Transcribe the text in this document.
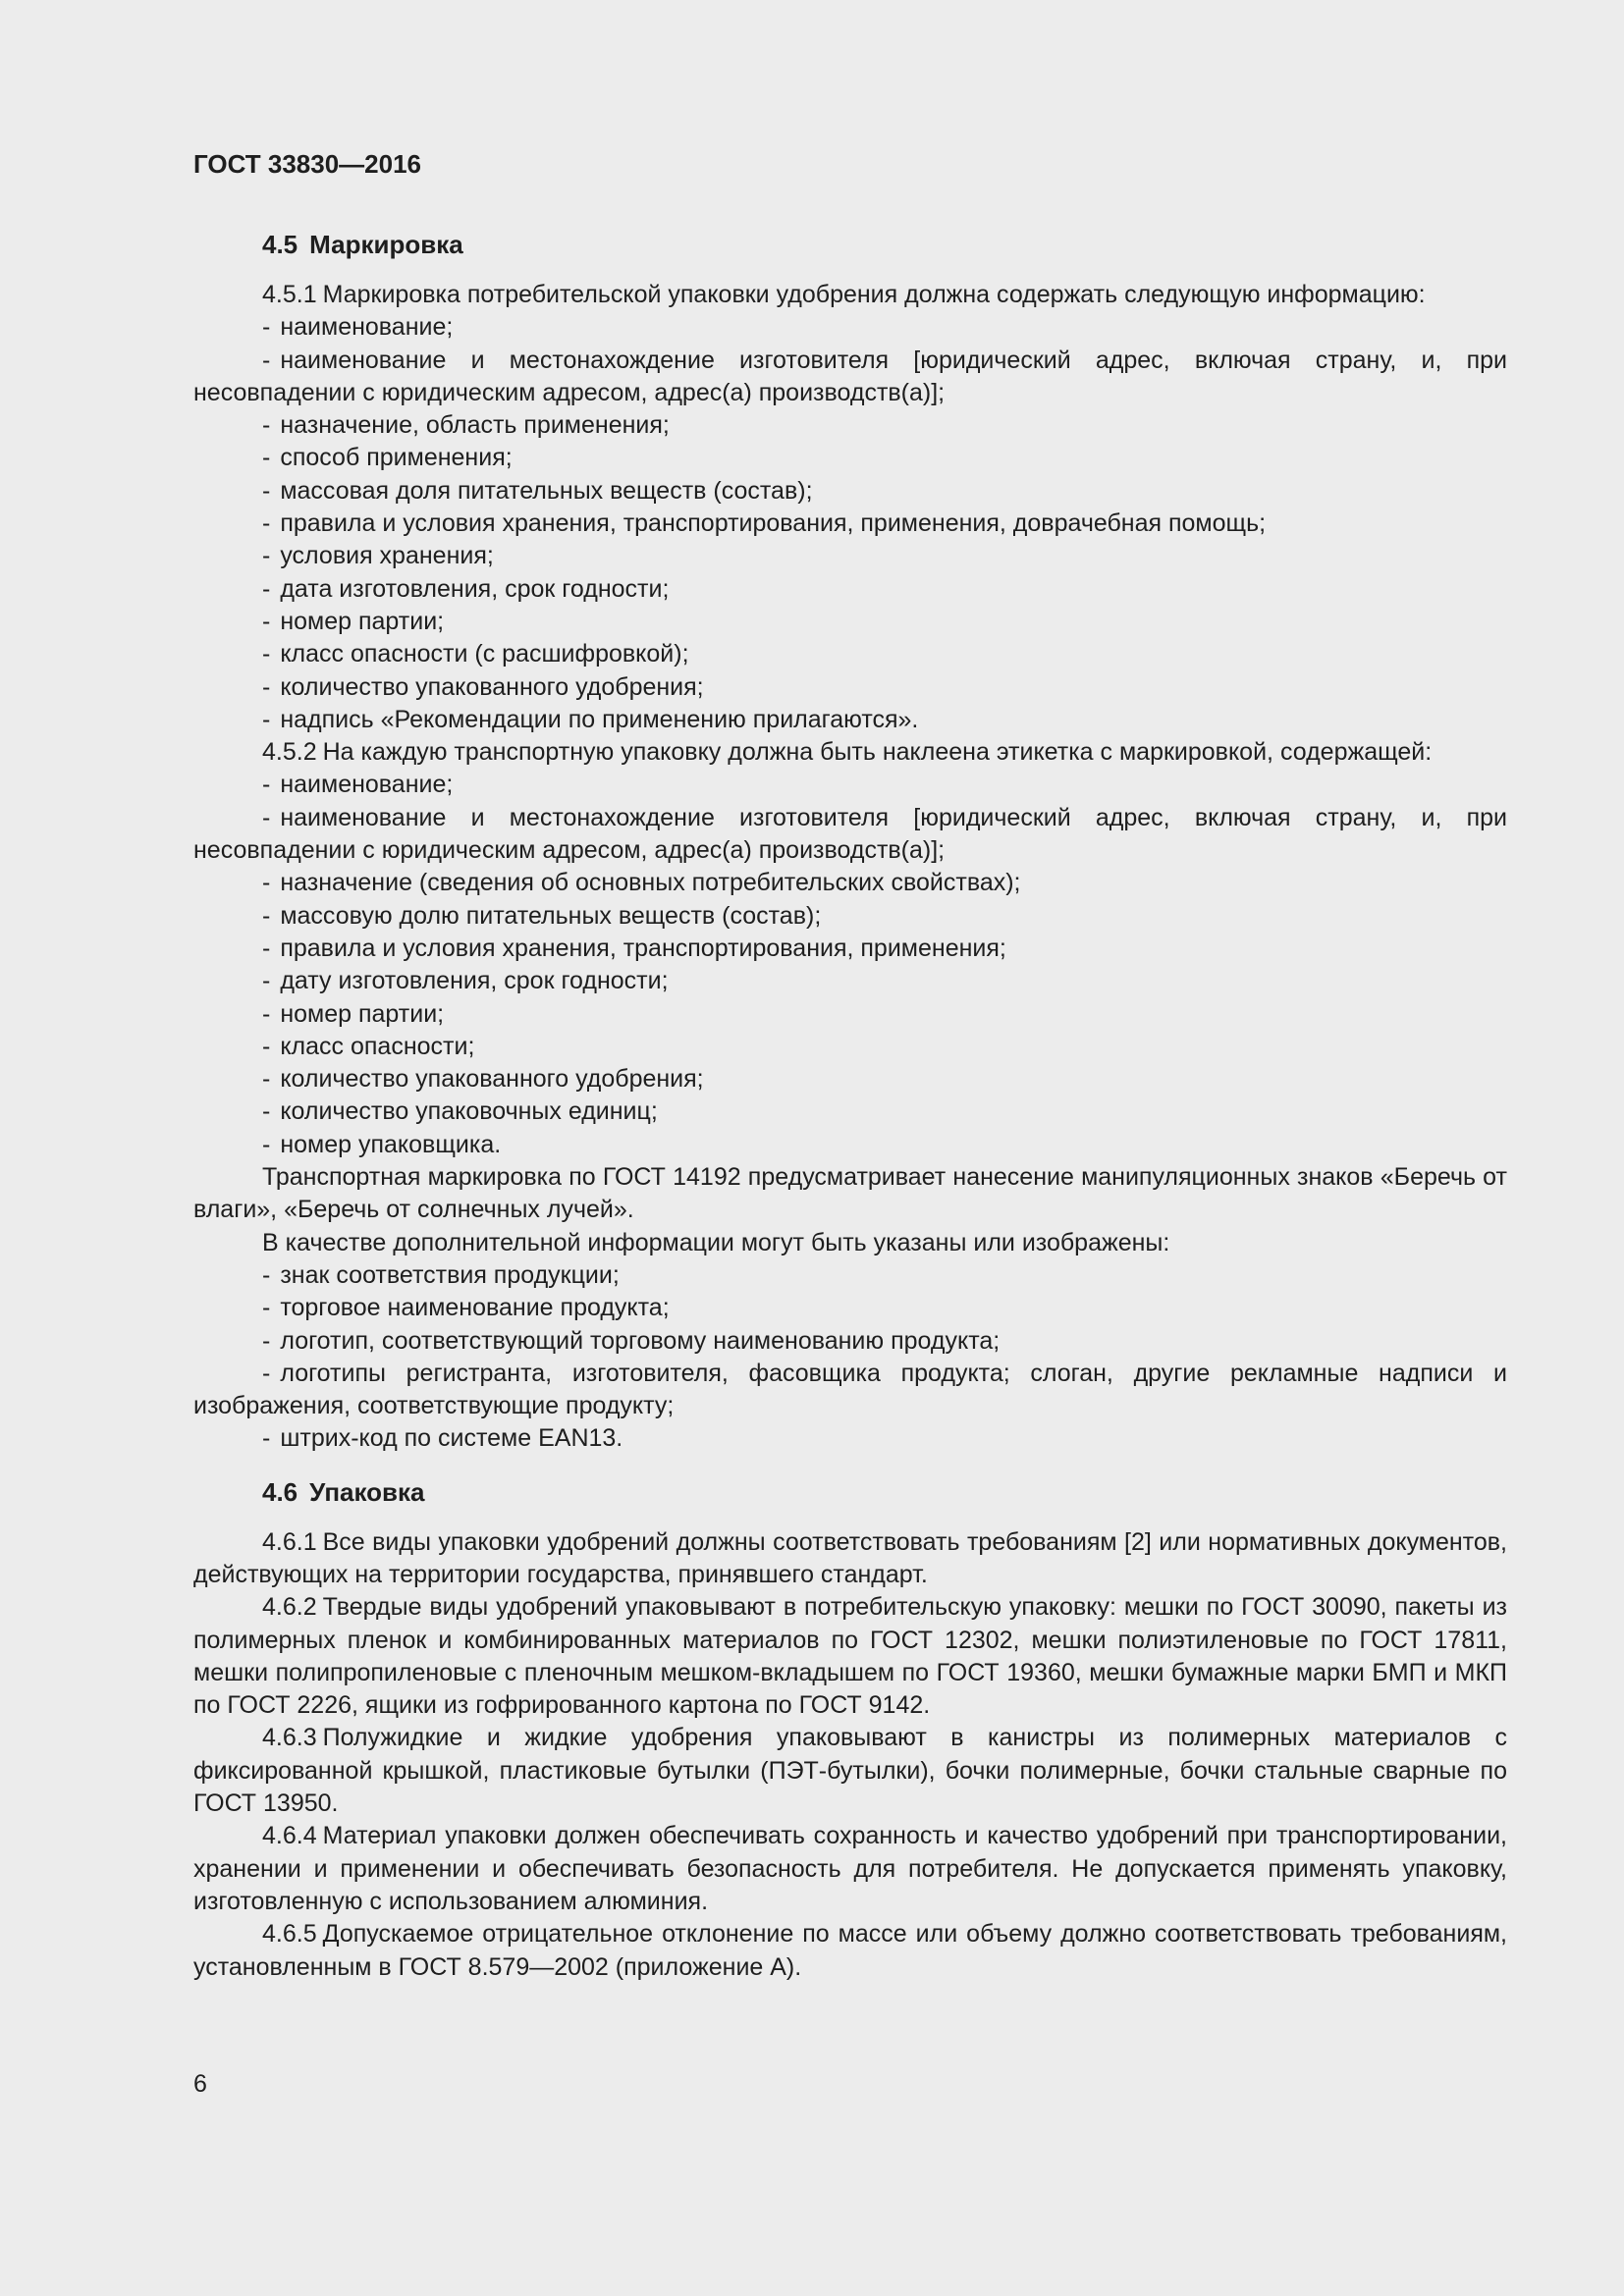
ГОСТ 33830—2016
4.5 Маркировка

4.5.1 Маркировка потребительской упаковки удобрения должна содержать следующую информацию:

- наименование;

- наименование и местонахождение изготовителя [юридический адрес, включая страну, и, при несовпадении с юридическим адресом, адрес(а) производств(а)];

- назначение, область применения;

- способ применения;

- массовая доля питательных веществ (состав);

- правила и условия хранения, транспортирования, применения, доврачебная помощь;

- условия хранения;

- дата изготовления, срок годности;

- номер партии;

- класс опасности (с расшифровкой);

- количество упакованного удобрения;

- надпись «Рекомендации по применению прилагаются».

4.5.2 На каждую транспортную упаковку должна быть наклеена этикетка с маркировкой, содержащей:

- наименование;

- наименование и местонахождение изготовителя [юридический адрес, включая страну, и, при несовпадении с юридическим адресом, адрес(а) производств(а)];

- назначение (сведения об основных потребительских свойствах);

- массовую долю питательных веществ (состав);

- правила и условия хранения, транспортирования, применения;

- дату изготовления, срок годности;

- номер партии;

- класс опасности;

- количество упакованного удобрения;

- количество упаковочных единиц;

- номер упаковщика.

Транспортная маркировка по ГОСТ 14192 предусматривает нанесение манипуляционных знаков «Беречь от влаги», «Беречь от солнечных лучей».

В качестве дополнительной информации могут быть указаны или изображены:

- знак соответствия продукции;

- торговое наименование продукта;

- логотип, соответствующий торговому наименованию продукта;

- логотипы регистранта, изготовителя, фасовщика продукта; слоган, другие рекламные надписи и изображения, соответствующие продукту;

- штрих-код по системе EAN13.

4.6 Упаковка

4.6.1 Все виды упаковки удобрений должны соответствовать требованиям [2] или нормативных документов, действующих на территории государства, принявшего стандарт.

4.6.2 Твердые виды удобрений упаковывают в потребительскую упаковку: мешки по ГОСТ 30090, пакеты из полимерных пленок и комбинированных материалов по ГОСТ 12302, мешки полиэтиленовые по ГОСТ 17811, мешки полипропиленовые с пленочным мешком-вкладышем по ГОСТ 19360, мешки бумажные марки БМП и МКП по ГОСТ 2226, ящики из гофрированного картона по ГОСТ 9142.

4.6.3 Полужидкие и жидкие удобрения упаковывают в канистры из полимерных материалов с фиксированной крышкой, пластиковые бутылки (ПЭТ-бутылки), бочки полимерные, бочки стальные сварные по ГОСТ 13950.

4.6.4 Материал упаковки должен обеспечивать сохранность и качество удобрений при транспортировании, хранении и применении и обеспечивать безопасность для потребителя. Не допускается применять упаковку, изготовленную с использованием алюминия.

4.6.5 Допускаемое отрицательное отклонение по массе или объему должно соответствовать требованиям, установленным в ГОСТ 8.579—2002 (приложение А).

6
